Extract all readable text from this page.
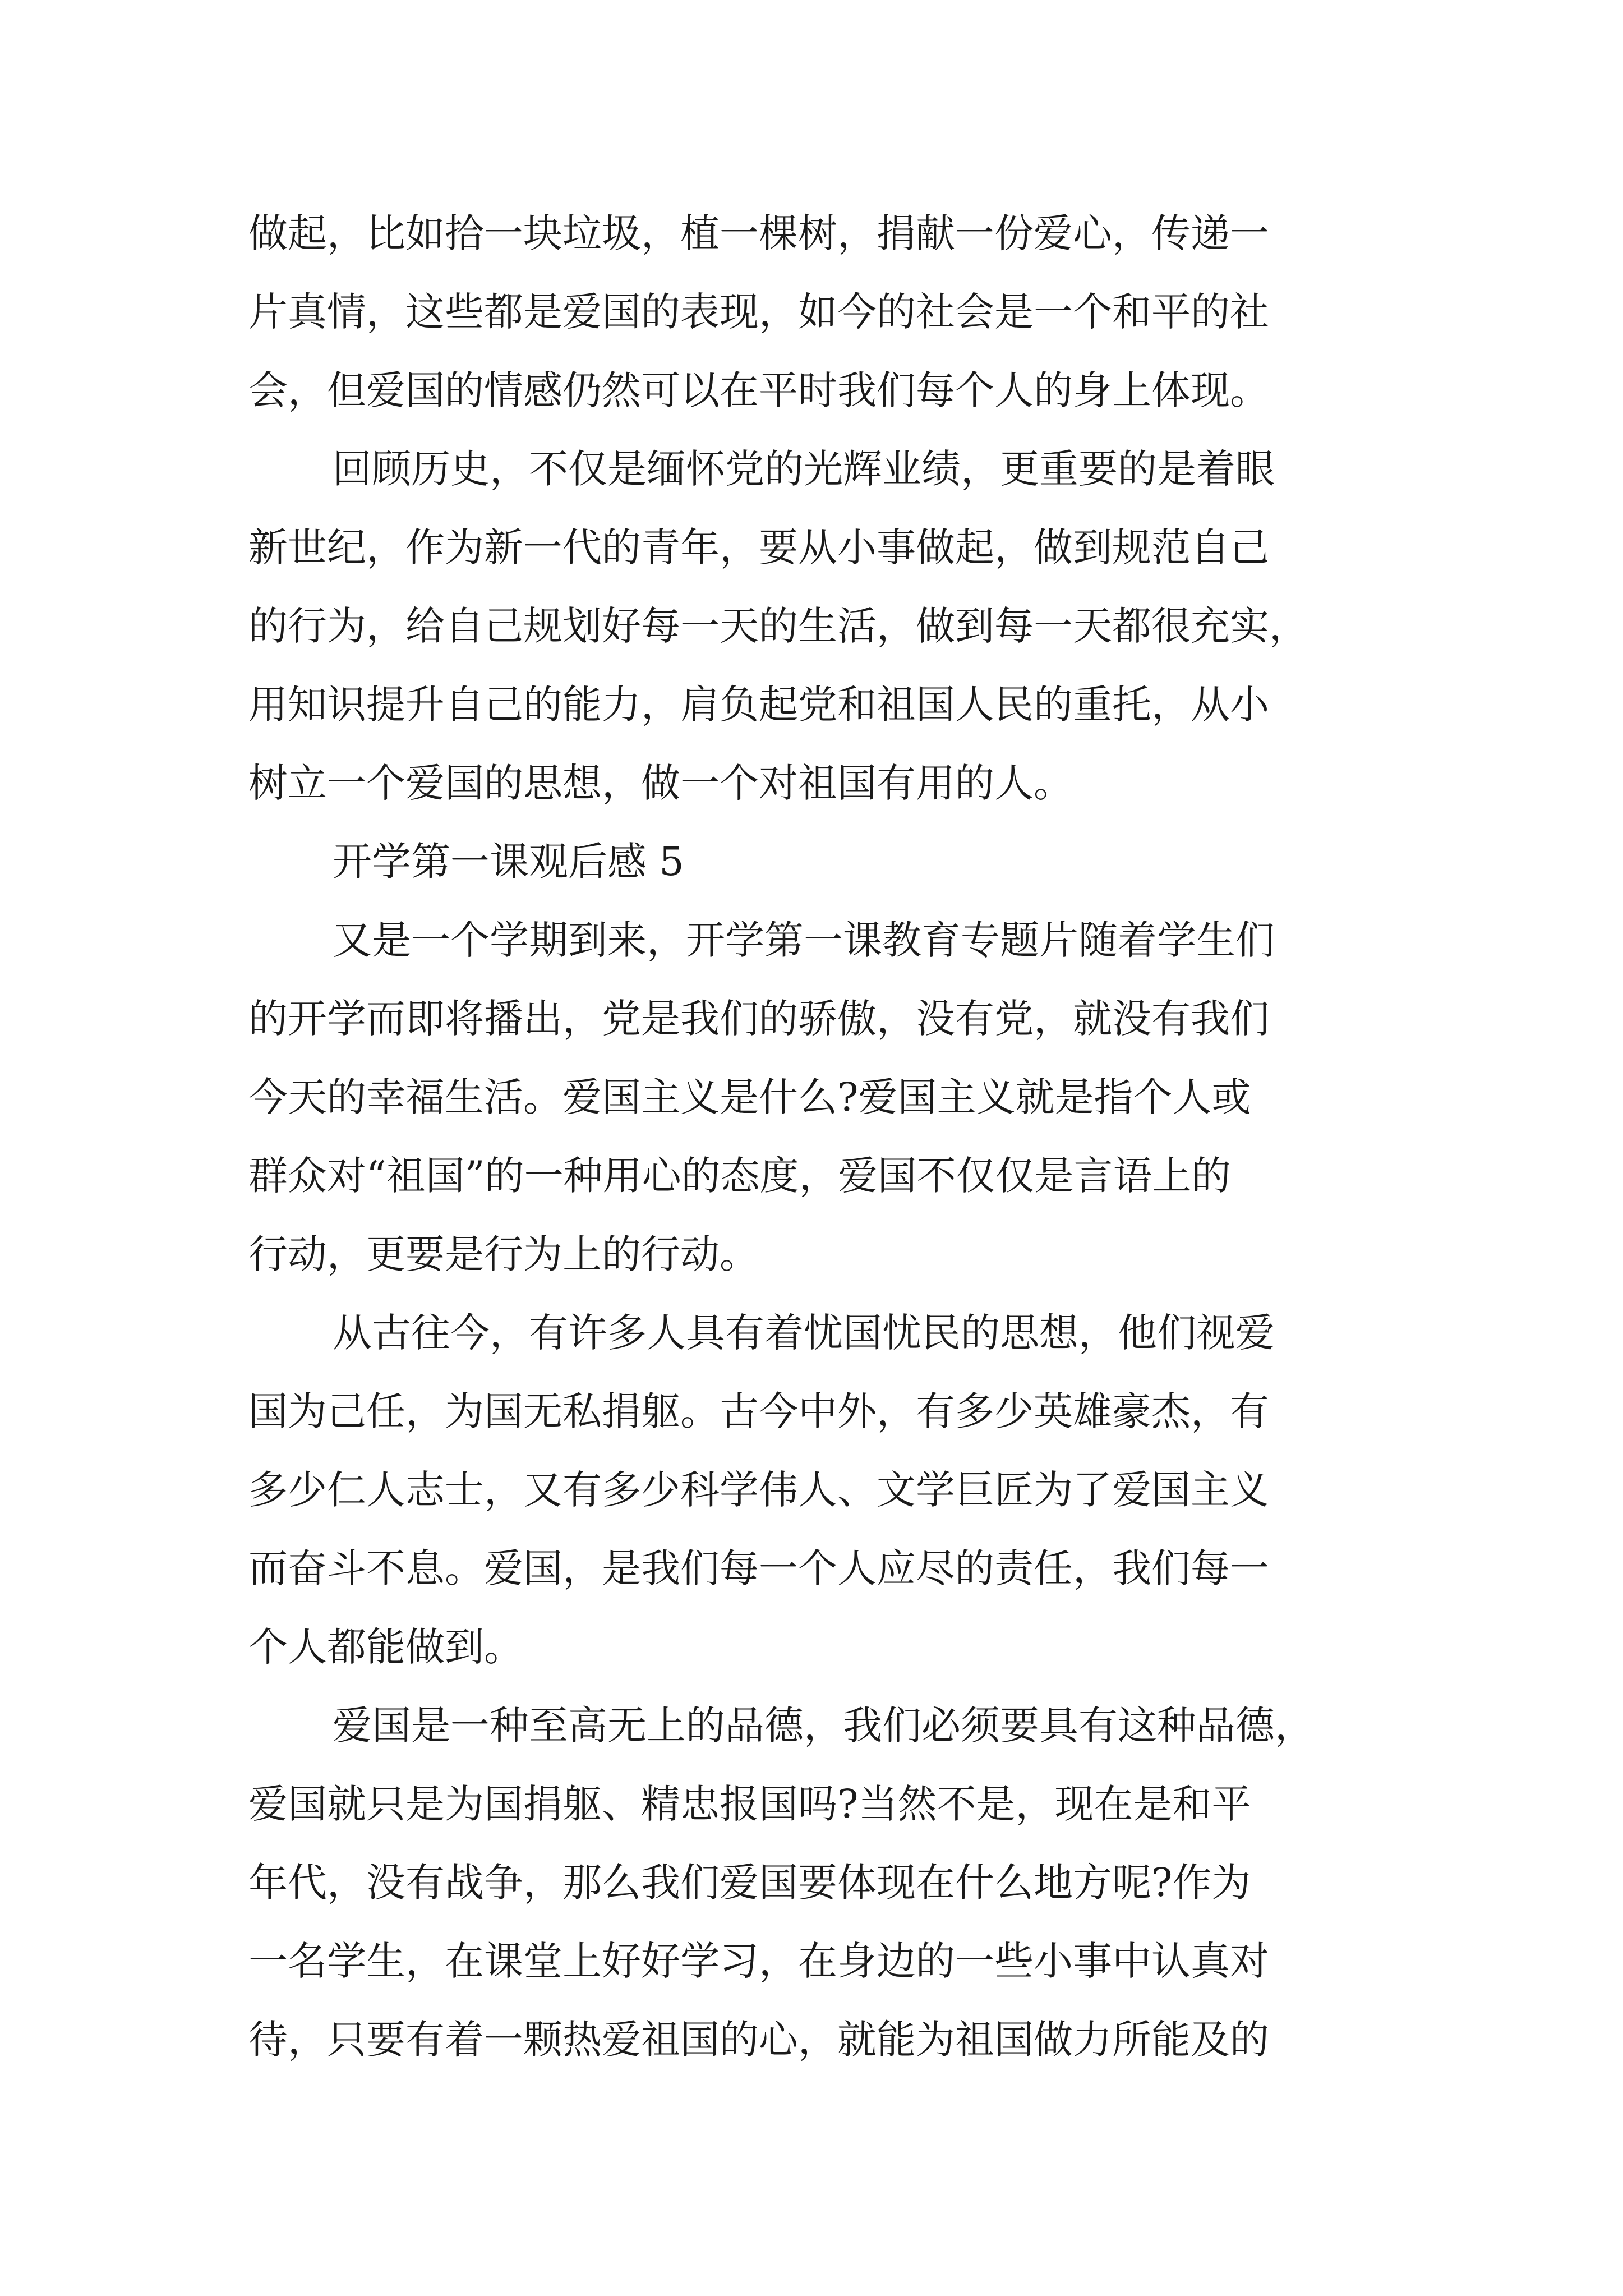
做起，比如拾一块垃圾，植一棵树，捐献一份爱心，传递一
片真情，这些都是爱国的表现，如今的社会是一个和平的社
会，但爱国的情感仍然可以在平时我们每个人的身上体现。
回顾历史，不仅是缅怀党的光辉业绩，更重要的是着眼
新世纪，作为新一代的青年，要从小事做起，做到规范自己
的行为，给自己规划好每一天的生活，做到每一天都很充实，
用知识提升自己的能力，肩负起党和祖国人民的重托，从小
树立一个爱国的思想，做一个对祖国有用的人。
开学第一课观后感 5
又是一个学期到来，开学第一课教育专题片随着学生们
的开学而即将播出，党是我们的骄傲，没有党，就没有我们
今天的幸福生活。爱国主义是什么?爱国主义就是指个人或
群众对“祖国”的一种用心的态度，爱国不仅仅是言语上的
行动，更要是行为上的行动。
从古往今，有许多人具有着忧国忧民的思想，他们视爱
国为己任，为国无私捐躯。古今中外，有多少英雄豪杰，有
多少仁人志士，又有多少科学伟人、文学巨匠为了爱国主义
而奋斗不息。爱国，是我们每一个人应尽的责任，我们每一
个人都能做到。
爱国是一种至高无上的品德，我们必须要具有这种品德，
爱国就只是为国捐躯、精忠报国吗?当然不是，现在是和平
年代，没有战争，那么我们爱国要体现在什么地方呢?作为
一名学生，在课堂上好好学习，在身边的一些小事中认真对
待，只要有着一颗热爱祖国的心，就能为祖国做力所能及的
